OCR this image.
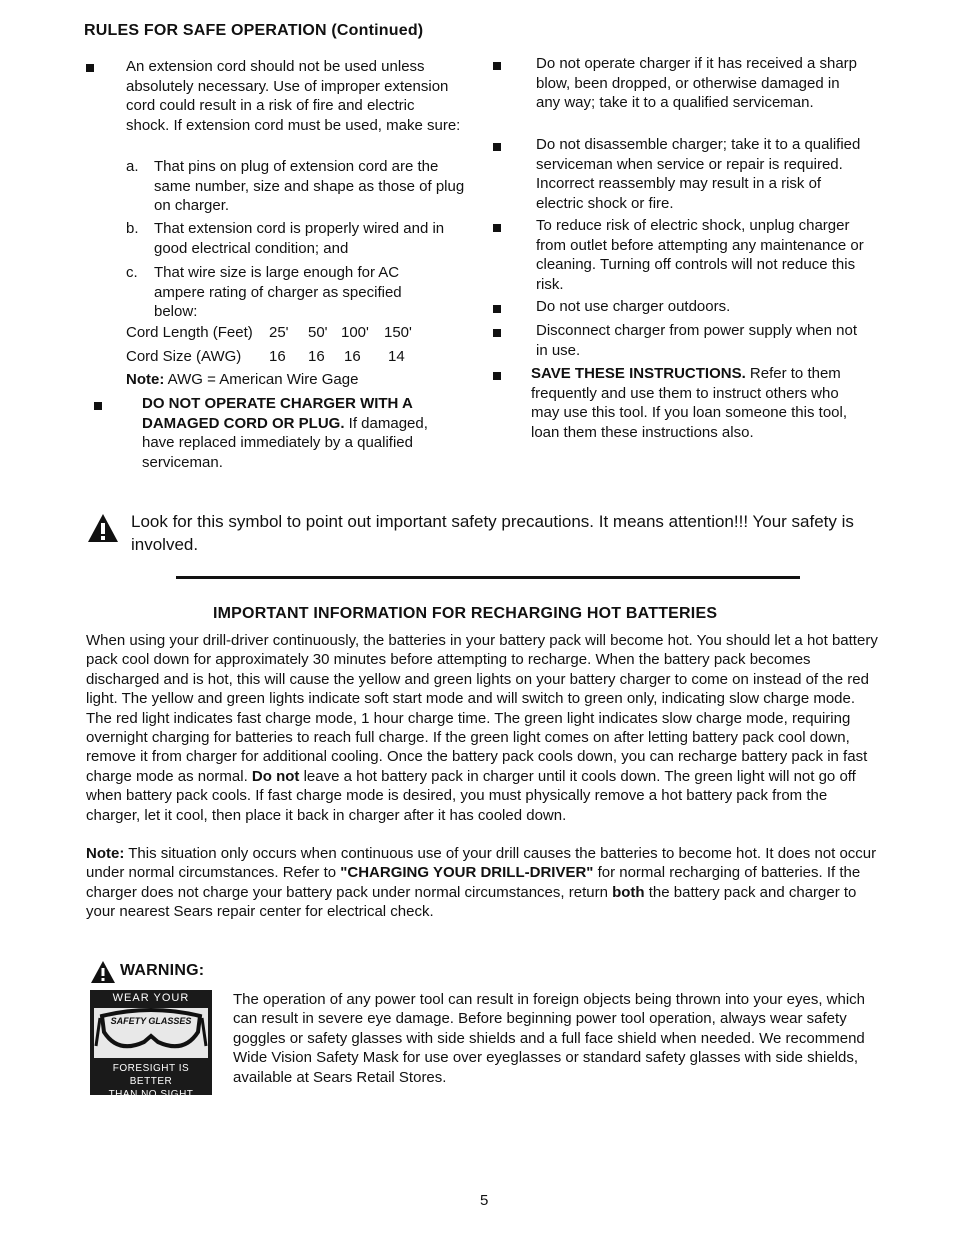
RULES FOR SAFE OPERATION (Continued)

An extension cord should not be used unless absolutely necessary. Use of improper extension cord could result in a risk of fire and electric shock. If extension cord must be used, make sure:

a. That pins on plug of extension cord are the same number, size and shape as those of plug on charger.
b. That extension cord is properly wired and in good electrical condition; and
c. That wire size is large enough for AC ampere rating of charger as specified below:
Cord Length (Feet) 25' 50' 100' 150'
Cord Size (AWG) 16 16 16 14
Note: AWG = American Wire Gage

DO NOT OPERATE CHARGER WITH A DAMAGED CORD OR PLUG. If damaged, have replaced immediately by a qualified serviceman.

Do not operate charger if it has received a sharp blow, been dropped, or otherwise damaged in any way; take it to a qualified serviceman.

Do not disassemble charger; take it to a qualified serviceman when service or repair is required. Incorrect reassembly may result in a risk of electric shock or fire.

To reduce risk of electric shock, unplug charger from outlet before attempting any maintenance or cleaning. Turning off controls will not reduce this risk.

Do not use charger outdoors.

Disconnect charger from power supply when not in use.

SAVE THESE INSTRUCTIONS. Refer to them frequently and use them to instruct others who may use this tool. If you loan someone this tool, loan them these instructions also.

Look for this symbol to point out important safety precautions. It means attention!!! Your safety is involved.
IMPORTANT INFORMATION FOR RECHARGING HOT BATTERIES

When using your drill-driver continuously, the batteries in your battery pack will become hot. You should let a hot battery pack cool down for approximately 30 minutes before attempting to recharge. When the battery pack becomes discharged and is hot, this will cause the yellow and green lights on your battery charger to come on instead of the red light. The yellow and green lights indicate soft start mode and will switch to green only, indicating slow charge mode. The red light indicates fast charge mode, 1 hour charge time. The green light indicates slow charge mode, requiring overnight charging for batteries to reach full charge. If the green light comes on after letting battery pack cool down, remove it from charger for additional cooling. Once the battery pack cools down, you can recharge battery pack in fast charge mode as normal. Do not leave a hot battery pack in charger until it cools down. The green light will not go off when battery pack cools. If fast charge mode is desired, you must physically remove a hot battery pack from the charger, let it cool, then place it back in charger after it has cooled down.

Note: This situation only occurs when continuous use of your drill causes the batteries to become hot. It does not occur under normal circumstances. Refer to "CHARGING YOUR DRILL-DRIVER" for normal recharging of batteries. If the charger does not charge your battery pack under normal circumstances, return both the battery pack and charger to your nearest Sears repair center for electrical check.

WARNING:
WEAR YOUR
SAFETY GLASSES
FORESIGHT IS BETTER
THAN NO SIGHT
The operation of any power tool can result in foreign objects being thrown into your eyes, which can result in severe eye damage. Before beginning power tool operation, always wear safety goggles or safety glasses with side shields and a full face shield when needed. We recommend Wide Vision Safety Mask for use over eyeglasses or standard safety glasses with side shields, available at Sears Retail Stores.
5
